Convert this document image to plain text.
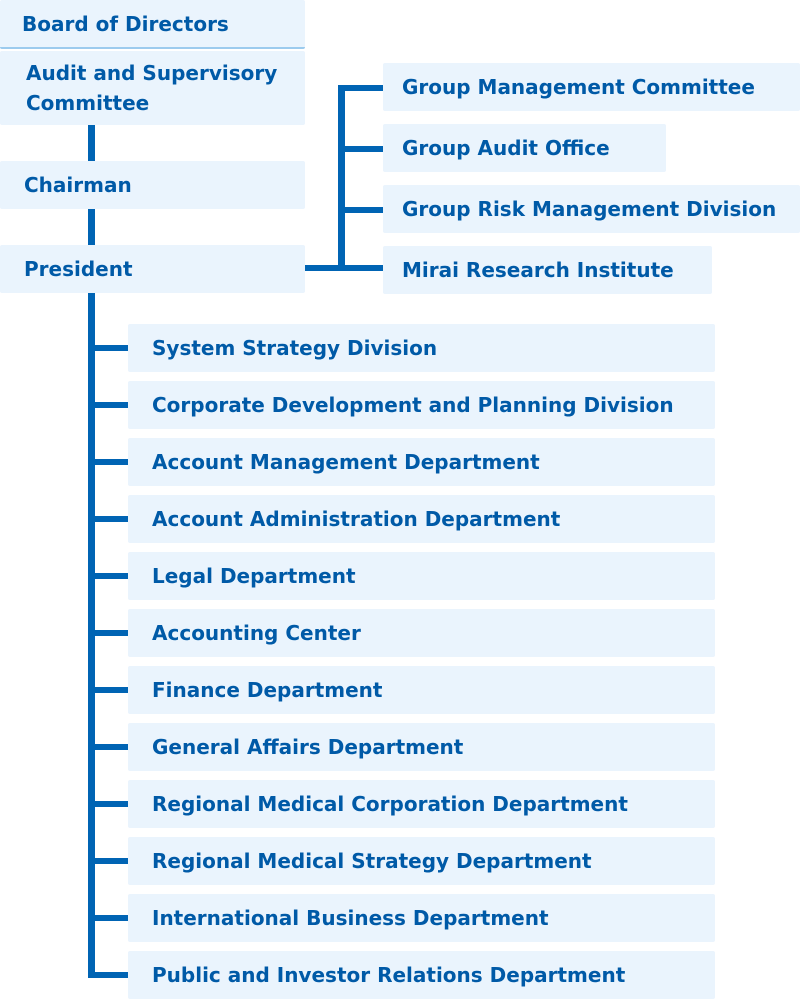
Board of Directors
Audit and Supervisory
Committee
Chairman
President
Group Management Committee
Group Audit Office
Group Risk Management Division
Mirai Research Institute
System Strategy Division
Corporate Development and Planning Division
Account Management Department
Account Administration Department
Legal Department
Accounting Center
Finance Department
General Affairs Department
Regional Medical Corporation Department
Regional Medical Strategy Department
International Business Department
Public and Investor Relations Department
